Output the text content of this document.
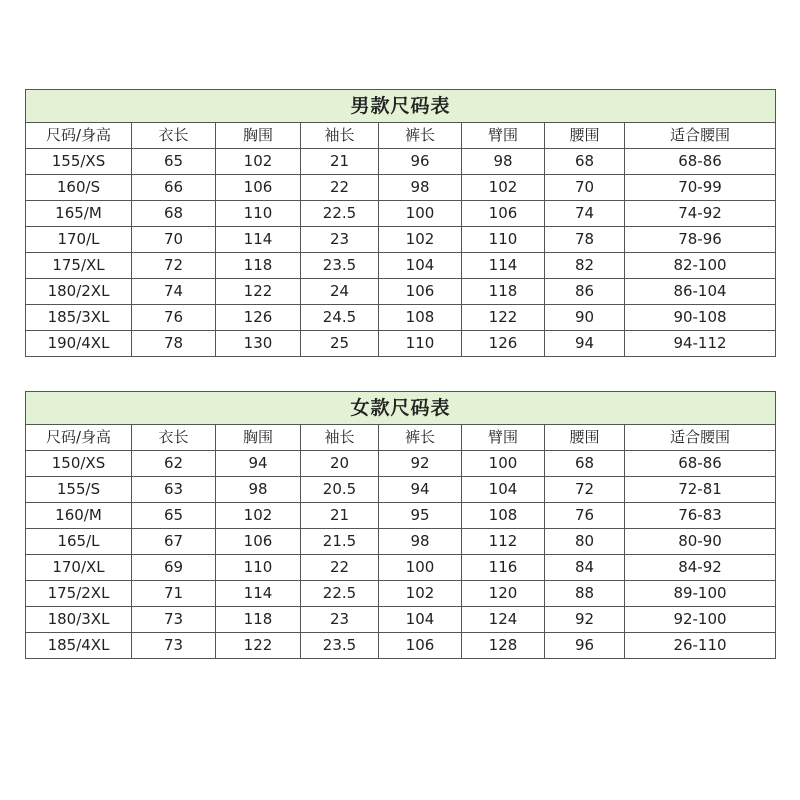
男款尺码表							
尺码/身高	衣长	胸围	袖长	裤长	臂围	腰围	适合腰围
155/XS	65	102	21	96	98	68	68-86
160/S	66	106	22	98	102	70	70-99
165/M	68	110	22.5	100	106	74	74-92
170/L	70	114	23	102	110	78	78-96
175/XL	72	118	23.5	104	114	82	82-100
180/2XL	74	122	24	106	118	86	86-104
185/3XL	76	126	24.5	108	122	90	90-108
190/4XL	78	130	25	110	126	94	94-112
女款尺码表							
尺码/身高	衣长	胸围	袖长	裤长	臂围	腰围	适合腰围
150/XS	62	94	20	92	100	68	68-86
155/S	63	98	20.5	94	104	72	72-81
160/M	65	102	21	95	108	76	76-83
165/L	67	106	21.5	98	112	80	80-90
170/XL	69	110	22	100	116	84	84-92
175/2XL	71	114	22.5	102	120	88	89-100
180/3XL	73	118	23	104	124	92	92-100
185/4XL	73	122	23.5	106	128	96	26-110
